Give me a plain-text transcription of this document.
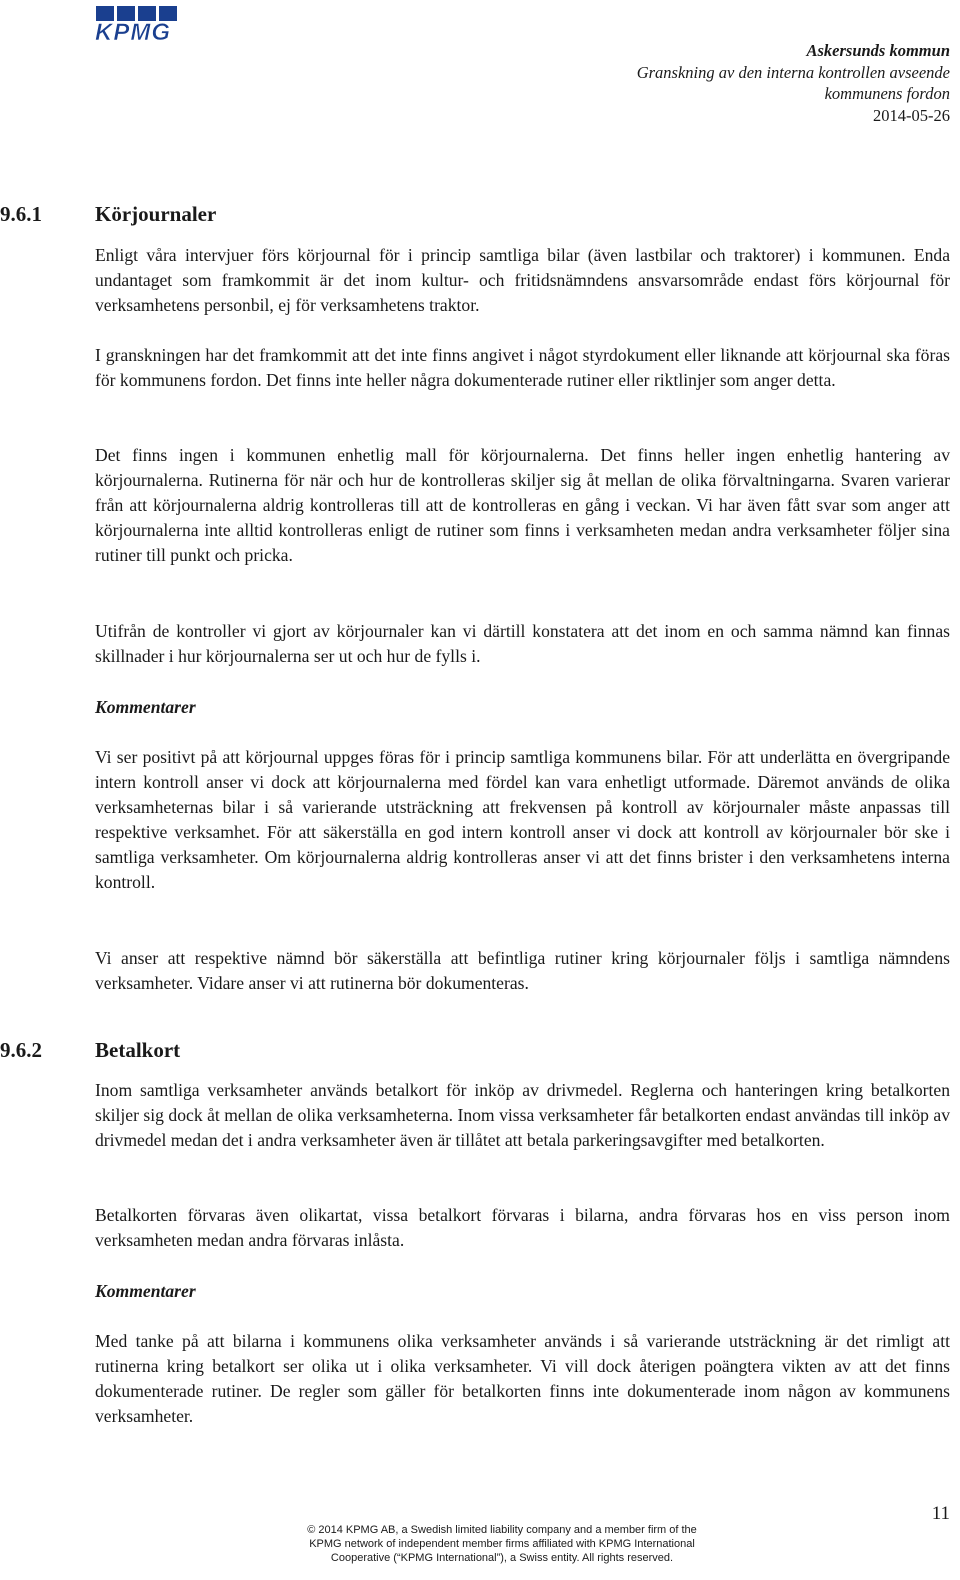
KPMG
Askersunds kommun
Granskning av den interna kontrollen avseende
kommunens fordon
2014-05-26
9.6.1	Körjournaler

Enligt våra intervjuer förs körjournal för i princip samtliga bilar (även lastbilar och traktorer) i kommunen. Enda undantaget som framkommit är det inom kultur- och fritidsnämndens ansvarsområde endast förs körjournal för verksamhetens personbil, ej för verksamhetens traktor.

I granskningen har det framkommit att det inte finns angivet i något styrdokument eller liknande att körjournal ska föras för kommunens fordon. Det finns inte heller några dokumenterade rutiner eller riktlinjer som anger detta.

Det finns ingen i kommunen enhetlig mall för körjournalerna. Det finns heller ingen enhetlig hantering av körjournalerna. Rutinerna för när och hur de kontrolleras skiljer sig åt mellan de olika förvaltningarna. Svaren varierar från att körjournalerna aldrig kontrolleras till att de kontrolleras en gång i veckan. Vi har även fått svar som anger att körjournalerna inte alltid kontrolleras enligt de rutiner som finns i verksamheten medan andra verksamheter följer sina rutiner till punkt och pricka.

Utifrån de kontroller vi gjort av körjournaler kan vi därtill konstatera att det inom en och samma nämnd kan finnas skillnader i hur körjournalerna ser ut och hur de fylls i.

Kommentarer

Vi ser positivt på att körjournal uppges föras för i princip samtliga kommunens bilar. För att underlätta en övergripande intern kontroll anser vi dock att körjournalerna med fördel kan vara enhetligt utformade. Däremot används de olika verksamheternas bilar i så varierande utsträckning att frekvensen på kontroll av körjournaler måste anpassas till respektive verksamhet. För att säkerställa en god intern kontroll anser vi dock att kontroll av körjournaler bör ske i samtliga verksamheter. Om körjournalerna aldrig kontrolleras anser vi att det finns brister i den verksamhetens interna kontroll.

Vi anser att respektive nämnd bör säkerställa att befintliga rutiner kring körjournaler följs i samtliga nämndens verksamheter. Vidare anser vi att rutinerna bör dokumenteras.

9.6.2	Betalkort

Inom samtliga verksamheter används betalkort för inköp av drivmedel. Reglerna och hanteringen kring betalkorten skiljer sig dock åt mellan de olika verksamheterna. Inom vissa verksamheter får betalkorten endast användas till inköp av drivmedel medan det i andra verksamheter även är tillåtet att betala parkeringsavgifter med betalkorten.

Betalkorten förvaras även olikartat, vissa betalkort förvaras i bilarna, andra förvaras hos en viss person inom verksamheten medan andra förvaras inlåsta.

Kommentarer

Med tanke på att bilarna i kommunens olika verksamheter används i så varierande utsträckning är det rimligt att rutinerna kring betalkort ser olika ut i olika verksamheter. Vi vill dock återigen poängtera vikten av att det finns dokumenterade rutiner. De regler som gäller för betalkorten finns inte dokumenterade inom någon av kommunens verksamheter.

11
© 2014 KPMG AB, a Swedish limited liability company and a member firm of the
KPMG network of independent member firms affiliated with KPMG International
Cooperative (“KPMG International”), a Swiss entity. All rights reserved.
